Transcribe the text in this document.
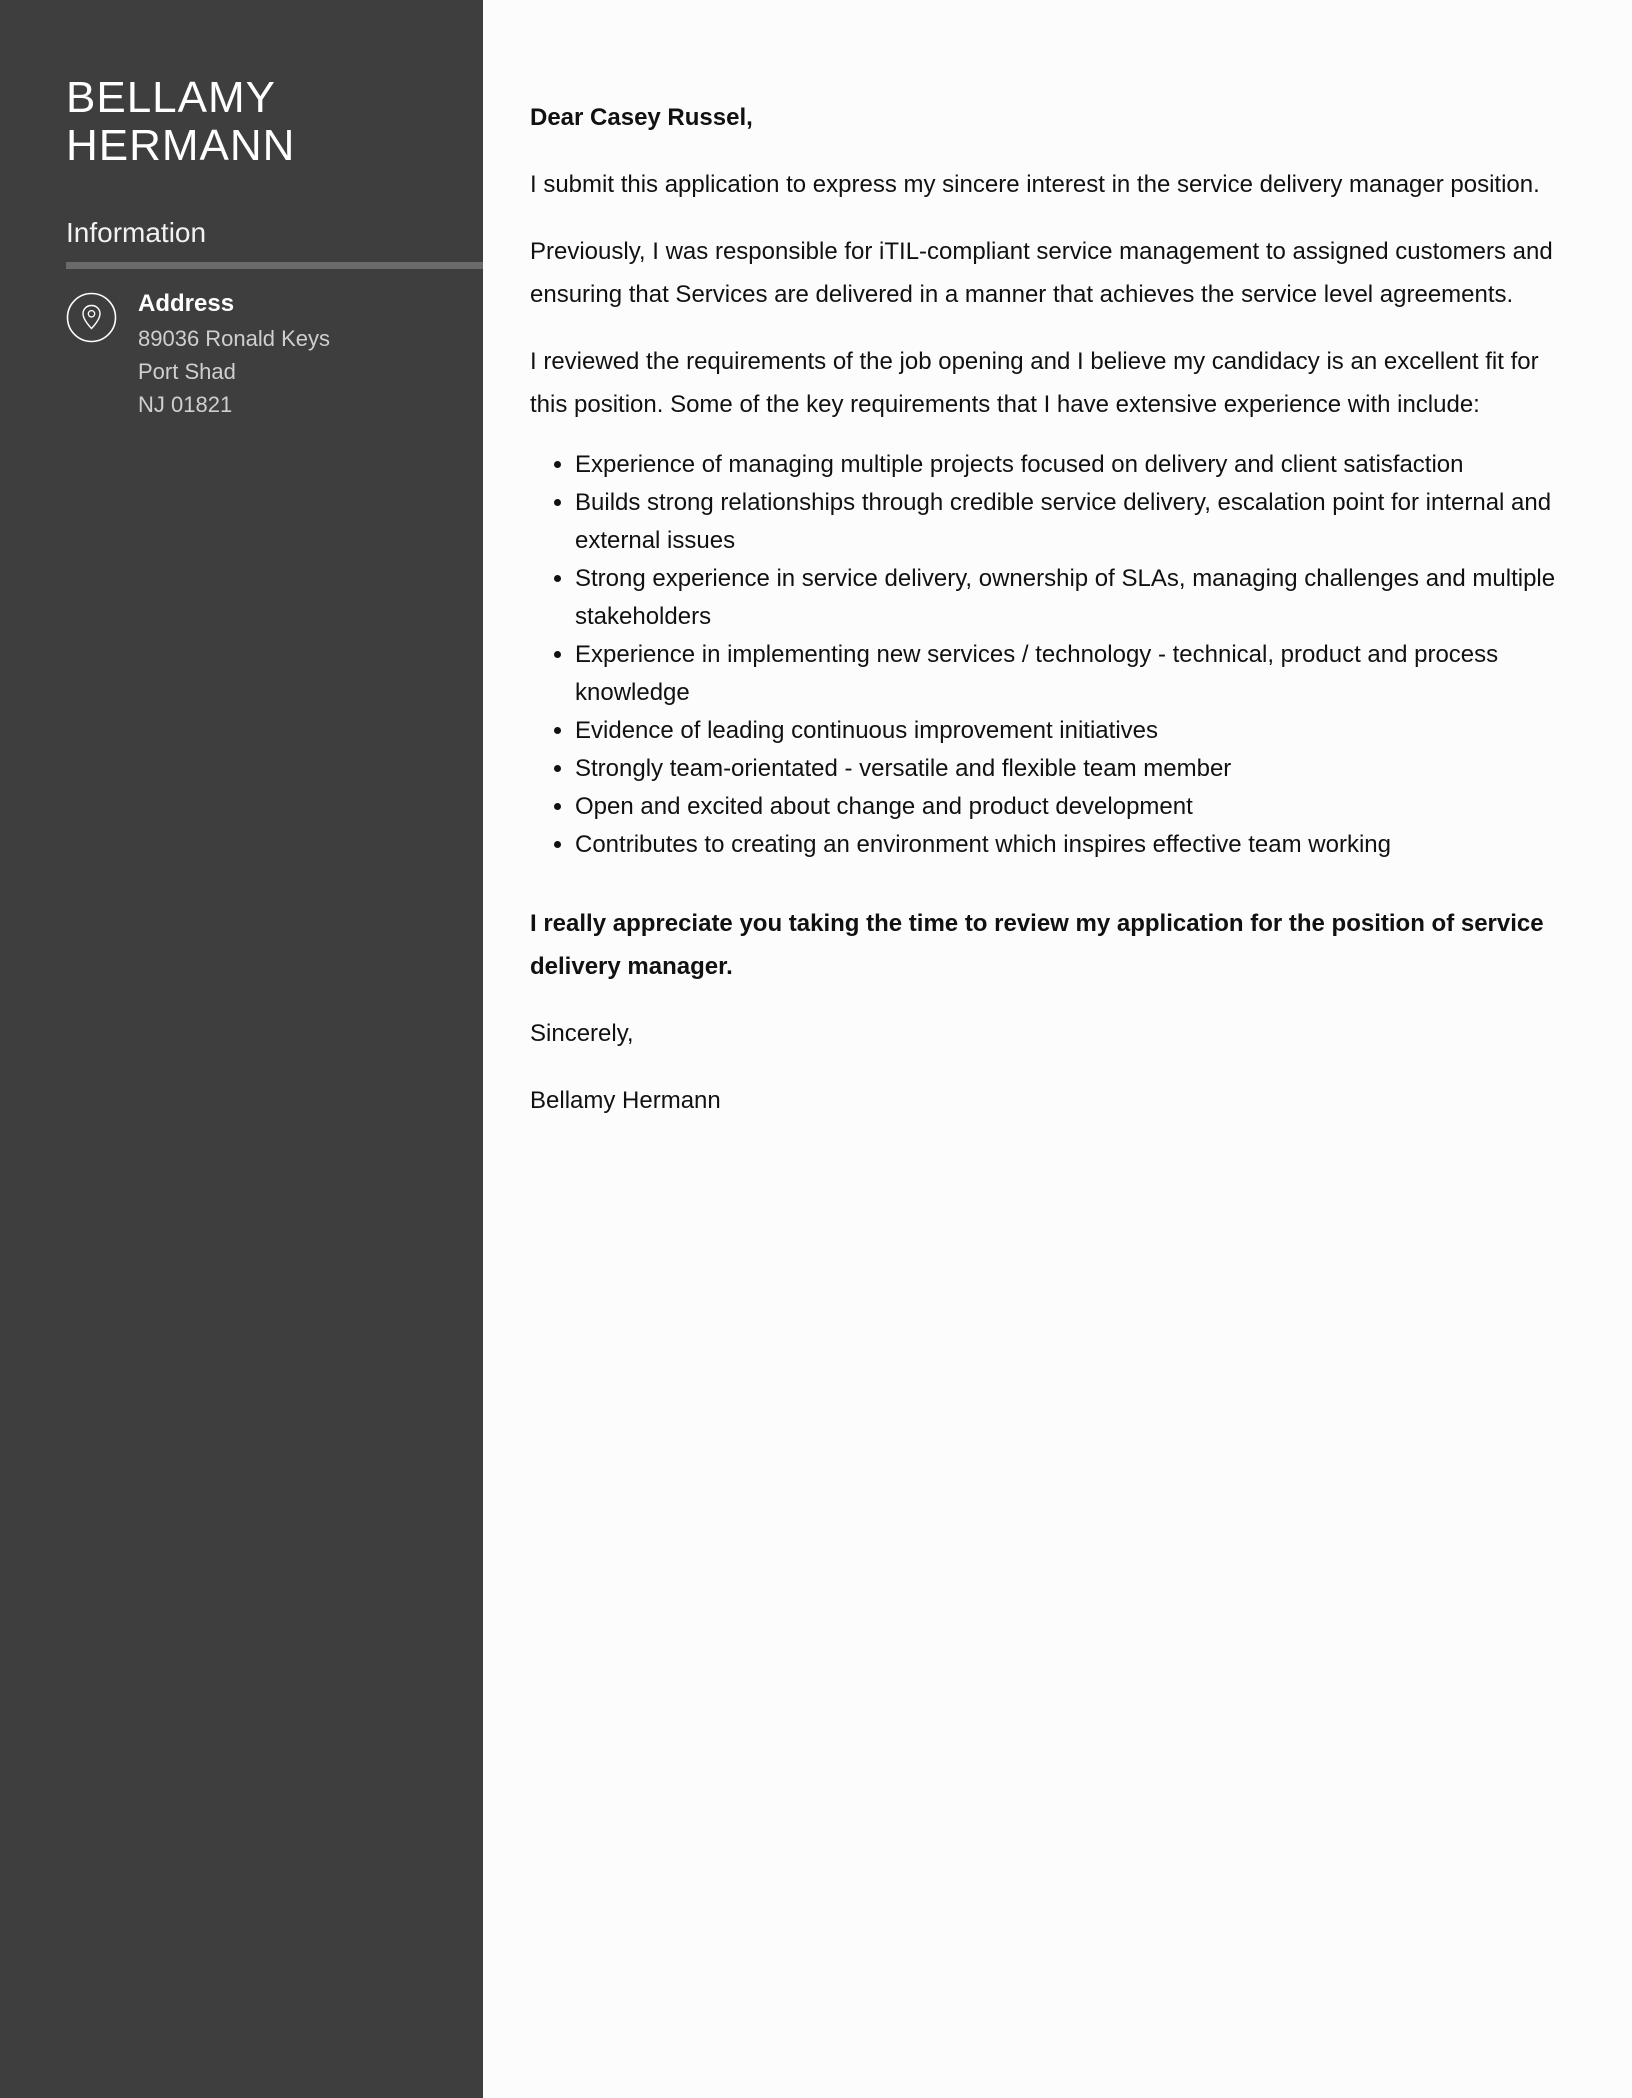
BELLAMY
HERMANN
Information
Address
89036 Ronald Keys
Port Shad
NJ 01821

Dear Casey Russel,

I submit this application to express my sincere interest in the service delivery manager position.

Previously, I was responsible for iTIL-compliant service management to assigned customers and ensuring that Services are delivered in a manner that achieves the service level agreements.

I reviewed the requirements of the job opening and I believe my candidacy is an excellent fit for this position. Some of the key requirements that I have extensive experience with include:

• Experience of managing multiple projects focused on delivery and client satisfaction
• Builds strong relationships through credible service delivery, escalation point for internal and external issues
• Strong experience in service delivery, ownership of SLAs, managing challenges and multiple stakeholders
• Experience in implementing new services / technology - technical, product and process knowledge
• Evidence of leading continuous improvement initiatives
• Strongly team-orientated - versatile and flexible team member
• Open and excited about change and product development
• Contributes to creating an environment which inspires effective team working

I really appreciate you taking the time to review my application for the position of service delivery manager.

Sincerely,

Bellamy Hermann
